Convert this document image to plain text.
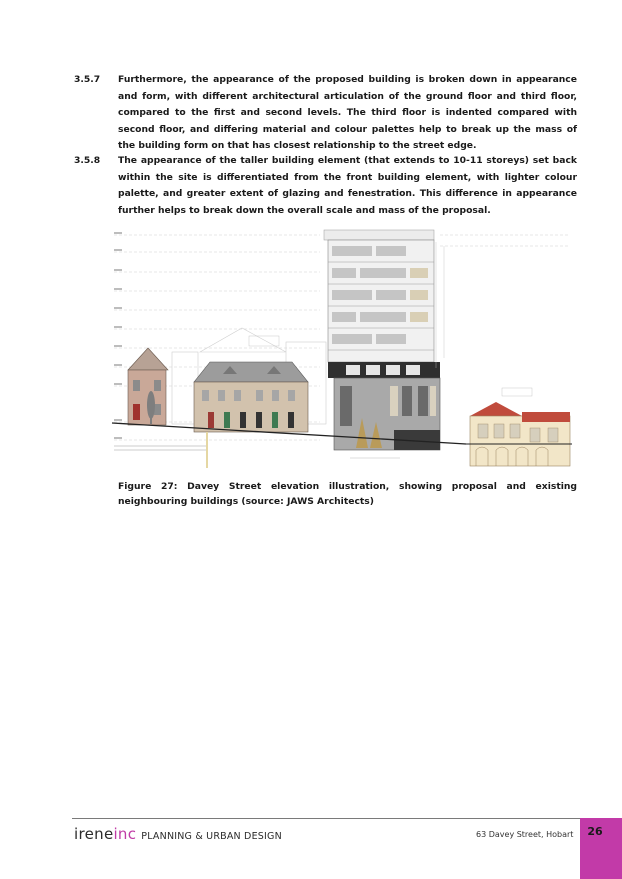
3.5.7 Furthermore, the appearance of the proposed building is broken down in appearance and form, with different architectural articulation of the ground floor and third floor, compared to the first and second levels. The third floor is indented compared with second floor, and differing material and colour palettes help to break up the mass of the building form on that has closest relationship to the street edge.
3.5.8 The appearance of the taller building element (that extends to 10-11 storeys) set back within the site is differentiated from the front building element, with lighter colour palette, and greater extent of glazing and fenestration. This difference in appearance further helps to break down the overall scale and mass of the proposal.
Figure 27: Davey Street elevation illustration, showing proposal and existing neighbouring buildings (source: JAWS Architects)
ireneinc PLANNING & URBAN DESIGN	63 Davey Street, Hobart	26
